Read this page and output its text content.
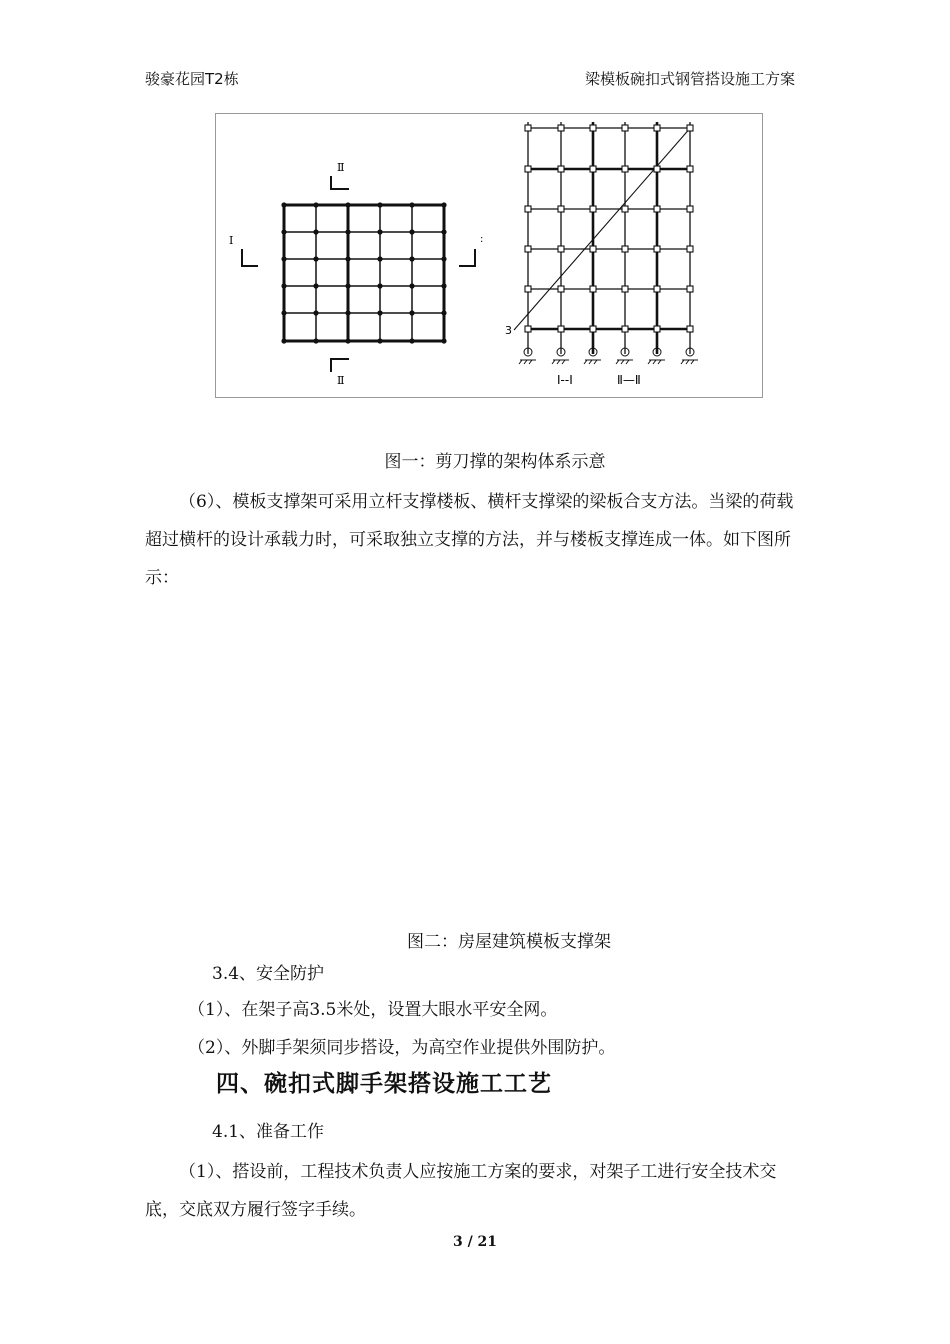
骏豪花园T2栋	梁模板碗扣式钢管搭设施工方案
Ⅱ
Ⅱ
Ⅰ	:
3
Ⅰ--Ⅰ	Ⅱ—Ⅱ
图一：剪刀撑的架构体系示意
（6）、模板支撑架可采用立杆支撑楼板、横杆支撑梁的梁板合支方法。当梁的荷载超过横杆的设计承载力时，可采取独立支撑的方法，并与楼板支撑连成一体。如下图所示：
图二：房屋建筑模板支撑架
3.4、安全防护
（1）、在架子高3.5米处，设置大眼水平安全网。
（2）、外脚手架须同步搭设，为高空作业提供外围防护。
四、碗扣式脚手架搭设施工工艺
4.1、准备工作
（1）、搭设前，工程技术负责人应按施工方案的要求，对架子工进行安全技术交底，交底双方履行签字手续。
3 / 21
